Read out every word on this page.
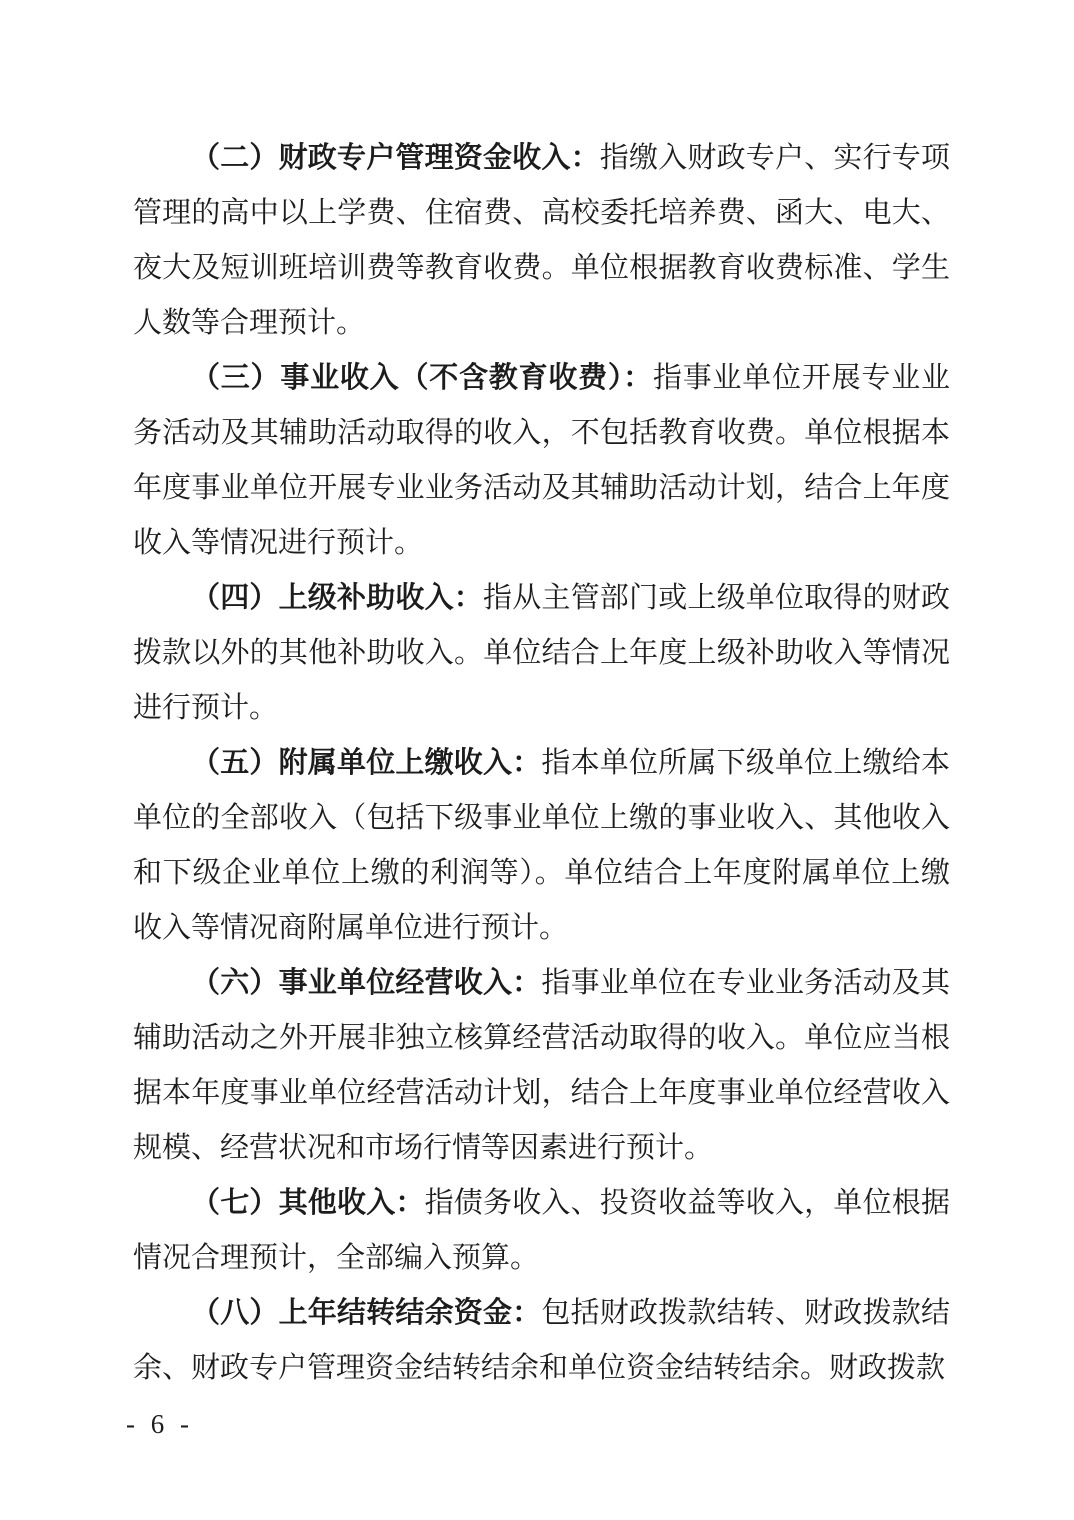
（二）财政专户管理资金收入：指缴入财政专户、实行专项管理的高中以上学费、住宿费、高校委托培养费、函大、电大、夜大及短训班培训费等教育收费。单位根据教育收费标准、学生人数等合理预计。

（三）事业收入（不含教育收费）：指事业单位开展专业业务活动及其辅助活动取得的收入，不包括教育收费。单位根据本年度事业单位开展专业业务活动及其辅助活动计划，结合上年度收入等情况进行预计。

（四）上级补助收入：指从主管部门或上级单位取得的财政拨款以外的其他补助收入。单位结合上年度上级补助收入等情况进行预计。

（五）附属单位上缴收入：指本单位所属下级单位上缴给本单位的全部收入（包括下级事业单位上缴的事业收入、其他收入和下级企业单位上缴的利润等）。单位结合上年度附属单位上缴收入等情况商附属单位进行预计。

（六）事业单位经营收入：指事业单位在专业业务活动及其辅助活动之外开展非独立核算经营活动取得的收入。单位应当根据本年度事业单位经营活动计划，结合上年度事业单位经营收入规模、经营状况和市场行情等因素进行预计。

（七）其他收入：指债务收入、投资收益等收入，单位根据情况合理预计，全部编入预算。

（八）上年结转结余资金：包括财政拨款结转、财政拨款结余、财政专户管理资金结转结余和单位资金结转结余。财政拨款

- 6 -
